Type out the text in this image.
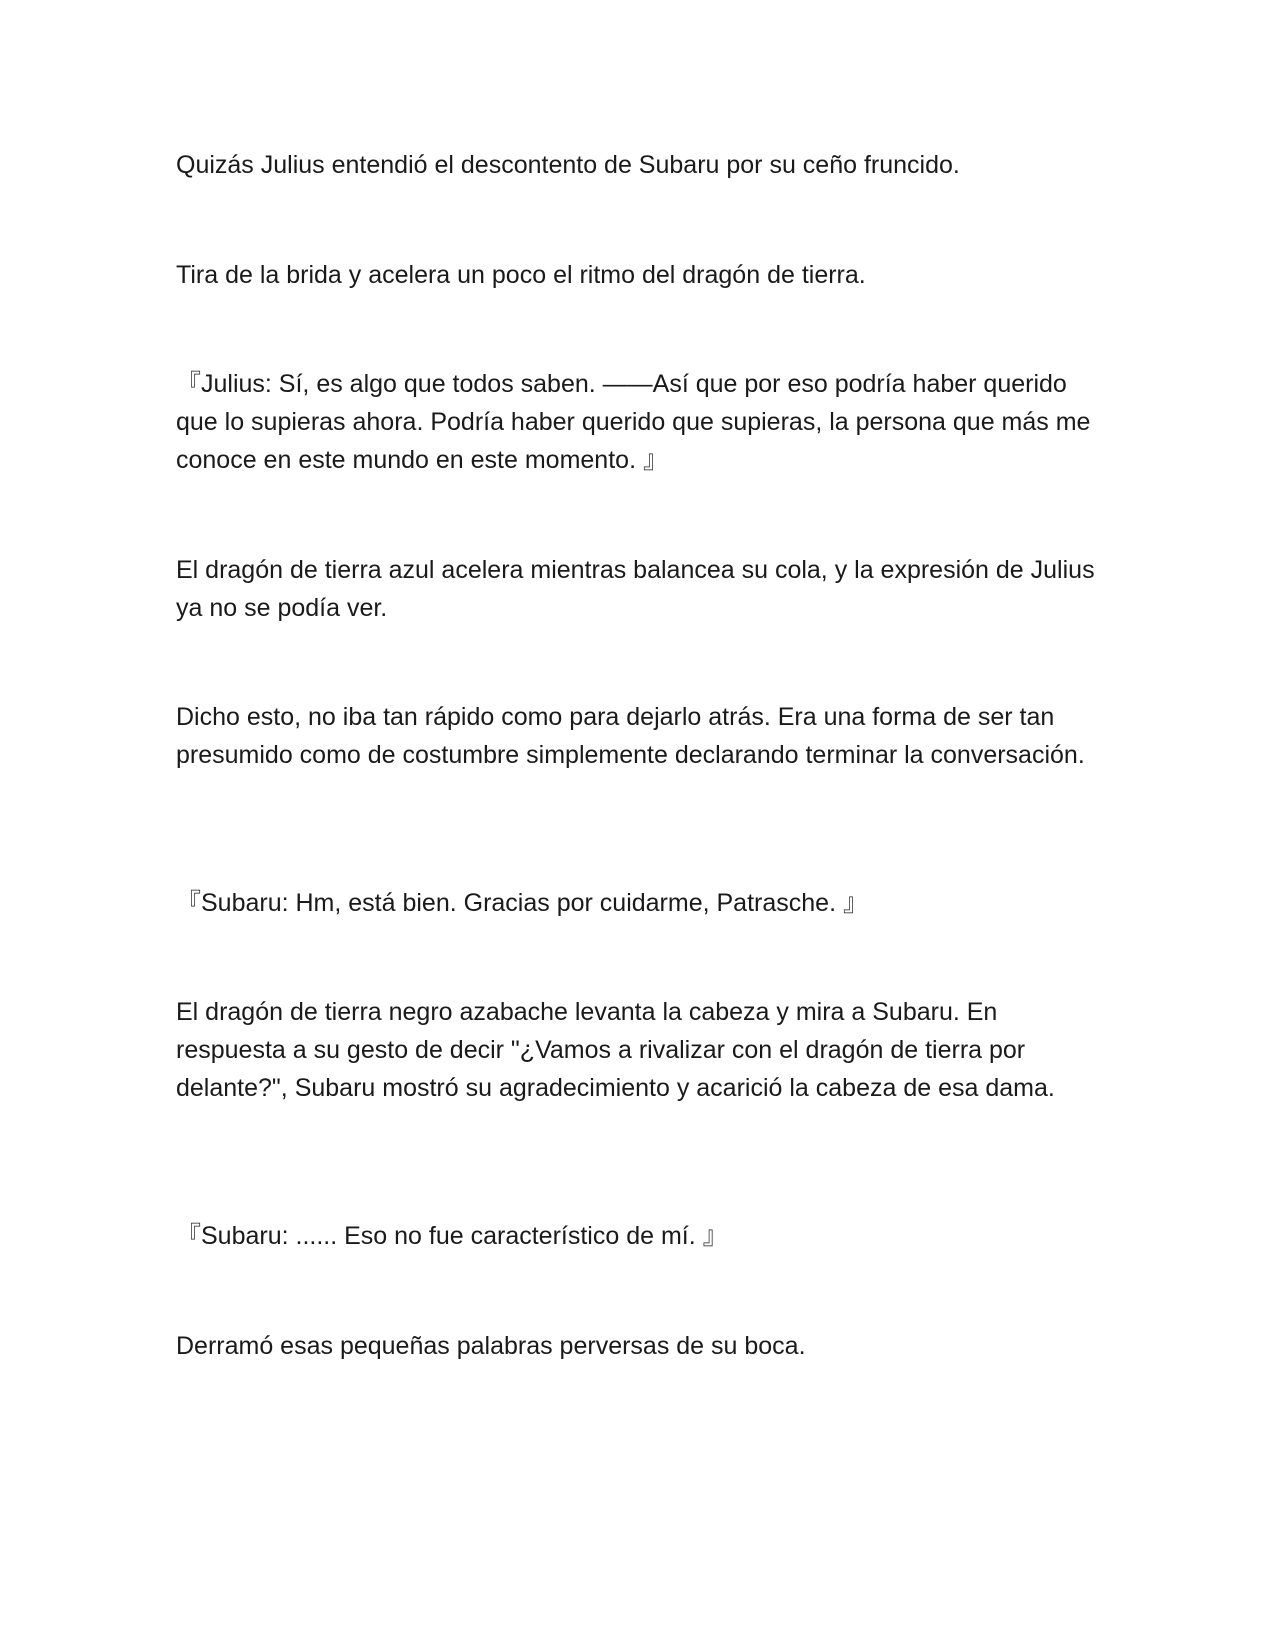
Quizás Julius entendió el descontento de Subaru por su ceño fruncido.

Tira de la brida y acelera un poco el ritmo del dragón de tierra.

『Julius: Sí, es algo que todos saben. ——Así que por eso podría haber querido que lo supieras ahora. Podría haber querido que supieras, la persona que más me conoce en este mundo en este momento. 』

El dragón de tierra azul acelera mientras balancea su cola, y la expresión de Julius ya no se podía ver.

Dicho esto, no iba tan rápido como para dejarlo atrás. Era una forma de ser tan presumido como de costumbre simplemente declarando terminar la conversación.

『Subaru: Hm, está bien. Gracias por cuidarme, Patrasche. 』

El dragón de tierra negro azabache levanta la cabeza y mira a Subaru. En respuesta a su gesto de decir "¿Vamos a rivalizar con el dragón de tierra por delante?", Subaru mostró su agradecimiento y acarició la cabeza de esa dama.

『Subaru: ...... Eso no fue característico de mí. 』

Derramó esas pequeñas palabras perversas de su boca.
